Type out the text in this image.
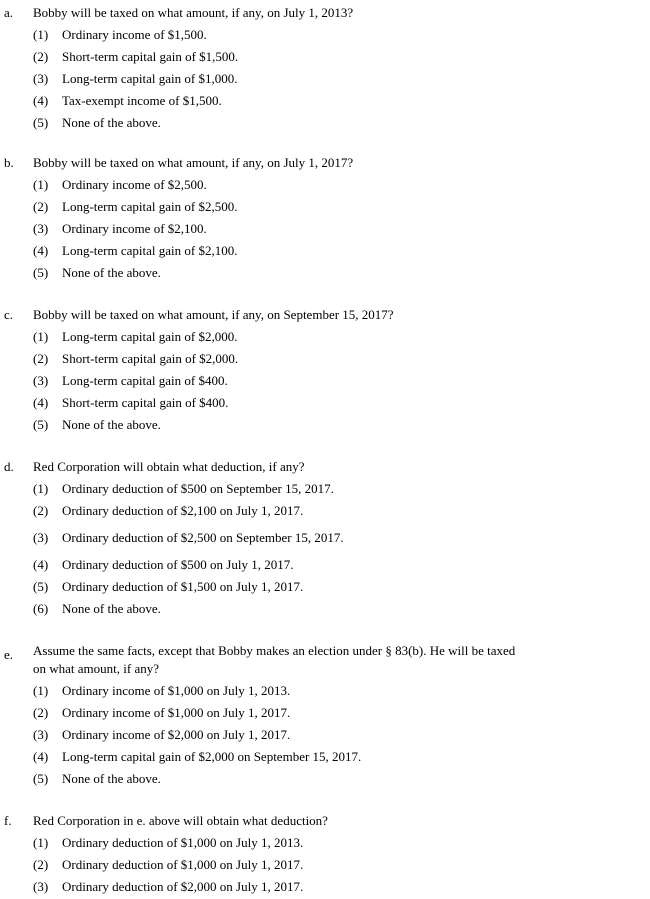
a. Bobby will be taxed on what amount, if any, on July 1, 2013?
(1) Ordinary income of $1,500.
(2) Short-term capital gain of $1,500.
(3) Long-term capital gain of $1,000.
(4) Tax-exempt income of $1,500.
(5) None of the above.
b. Bobby will be taxed on what amount, if any, on July 1, 2017?
(1) Ordinary income of $2,500.
(2) Long-term capital gain of $2,500.
(3) Ordinary income of $2,100.
(4) Long-term capital gain of $2,100.
(5) None of the above.
c. Bobby will be taxed on what amount, if any, on September 15, 2017?
(1) Long-term capital gain of $2,000.
(2) Short-term capital gain of $2,000.
(3) Long-term capital gain of $400.
(4) Short-term capital gain of $400.
(5) None of the above.
d. Red Corporation will obtain what deduction, if any?
(1) Ordinary deduction of $500 on September 15, 2017.
(2) Ordinary deduction of $2,100 on July 1, 2017.
(3) Ordinary deduction of $2,500 on September 15, 2017.
(4) Ordinary deduction of $500 on July 1, 2017.
(5) Ordinary deduction of $1,500 on July 1, 2017.
(6) None of the above.
e. Assume the same facts, except that Bobby makes an election under § 83(b). He will be taxed
on what amount, if any?
(1) Ordinary income of $1,000 on July 1, 2013.
(2) Ordinary income of $1,000 on July 1, 2017.
(3) Ordinary income of $2,000 on July 1, 2017.
(4) Long-term capital gain of $2,000 on September 15, 2017.
(5) None of the above.
f. Red Corporation in e. above will obtain what deduction?
(1) Ordinary deduction of $1,000 on July 1, 2013.
(2) Ordinary deduction of $1,000 on July 1, 2017.
(3) Ordinary deduction of $2,000 on July 1, 2017.
